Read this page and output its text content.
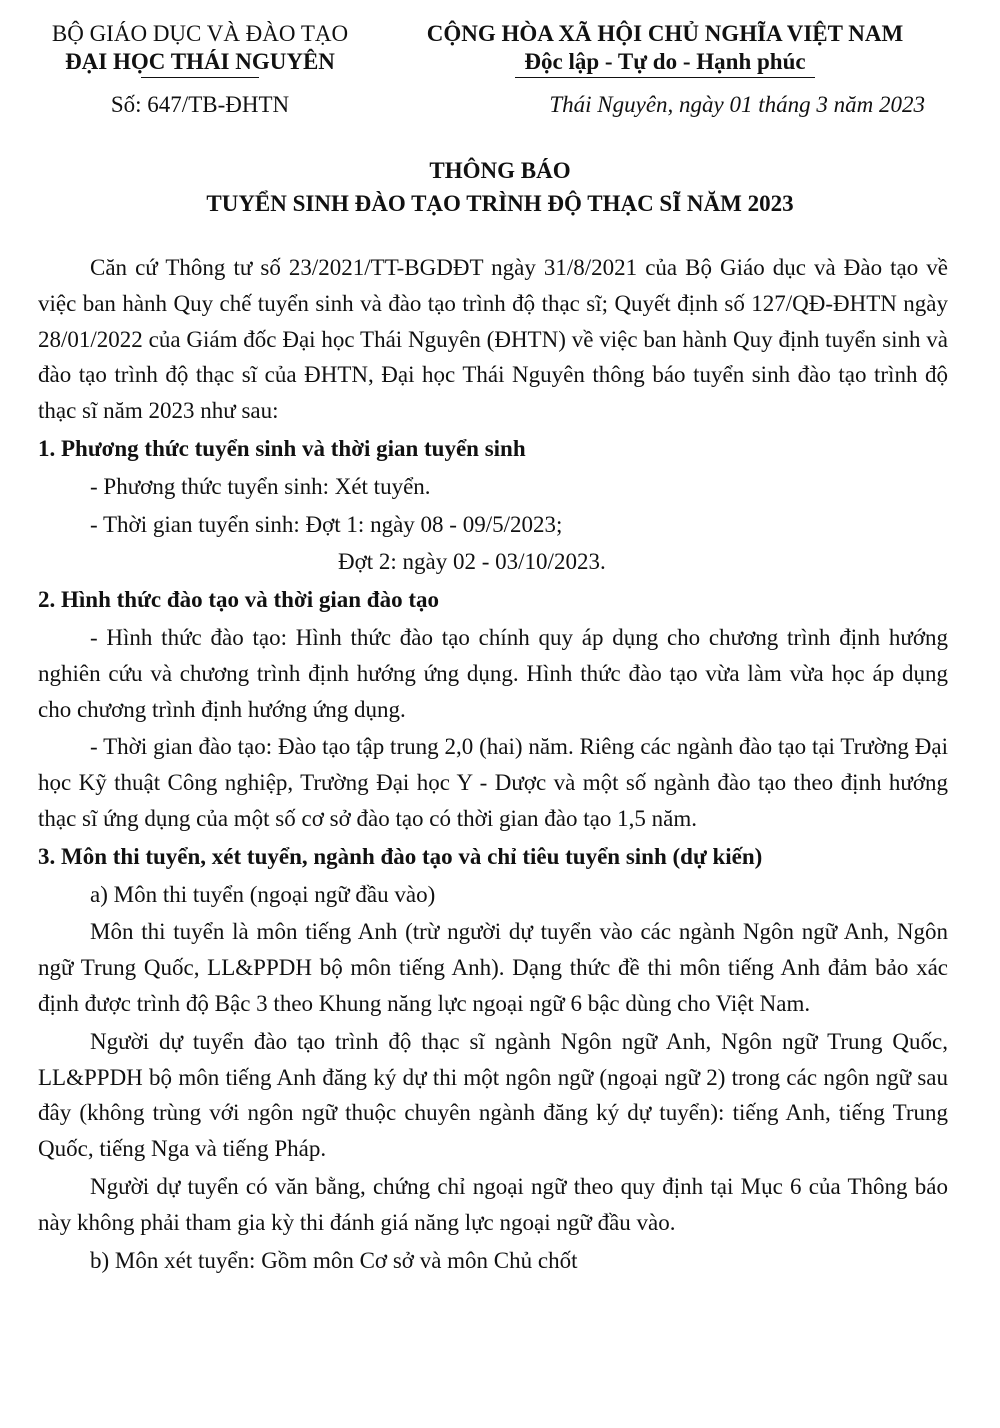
BỘ GIÁO DỤC VÀ ĐÀO TẠO
ĐẠI HỌC THÁI NGUYÊN
CỘNG HÒA XÃ HỘI CHỦ NGHĨA VIỆT NAM
Độc lập - Tự do - Hạnh phúc
Số: 647/TB-ĐHTN	Thái Nguyên, ngày 01 tháng 3 năm 2023
THÔNG BÁO
TUYỂN SINH ĐÀO TẠO TRÌNH ĐỘ THẠC SĨ NĂM 2023

Căn cứ Thông tư số 23/2021/TT-BGDĐT ngày 31/8/2021 của Bộ Giáo dục và Đào tạo về việc ban hành Quy chế tuyển sinh và đào tạo trình độ thạc sĩ; Quyết định số 127/QĐ-ĐHTN ngày 28/01/2022 của Giám đốc Đại học Thái Nguyên (ĐHTN) về việc ban hành Quy định tuyển sinh và đào tạo trình độ thạc sĩ của ĐHTN, Đại học Thái Nguyên thông báo tuyển sinh đào tạo trình độ thạc sĩ năm 2023 như sau:

1. Phương thức tuyển sinh và thời gian tuyển sinh

- Phương thức tuyển sinh: Xét tuyển.

- Thời gian tuyển sinh: Đợt 1: ngày 08 - 09/5/2023;

Đợt 2: ngày 02 - 03/10/2023.

2. Hình thức đào tạo và thời gian đào tạo

- Hình thức đào tạo: Hình thức đào tạo chính quy áp dụng cho chương trình định hướng nghiên cứu và chương trình định hướng ứng dụng. Hình thức đào tạo vừa làm vừa học áp dụng cho chương trình định hướng ứng dụng.

- Thời gian đào tạo: Đào tạo tập trung 2,0 (hai) năm. Riêng các ngành đào tạo tại Trường Đại học Kỹ thuật Công nghiệp, Trường Đại học Y - Dược và một số ngành đào tạo theo định hướng thạc sĩ ứng dụng của một số cơ sở đào tạo có thời gian đào tạo 1,5 năm.

3. Môn thi tuyển, xét tuyển, ngành đào tạo và chỉ tiêu tuyển sinh (dự kiến)

a) Môn thi tuyển (ngoại ngữ đầu vào)

Môn thi tuyển là môn tiếng Anh (trừ người dự tuyển vào các ngành Ngôn ngữ Anh, Ngôn ngữ Trung Quốc, LL&PPDH bộ môn tiếng Anh). Dạng thức đề thi môn tiếng Anh đảm bảo xác định được trình độ Bậc 3 theo Khung năng lực ngoại ngữ 6 bậc dùng cho Việt Nam.

Người dự tuyển đào tạo trình độ thạc sĩ ngành Ngôn ngữ Anh, Ngôn ngữ Trung Quốc, LL&PPDH bộ môn tiếng Anh đăng ký dự thi một ngôn ngữ (ngoại ngữ 2) trong các ngôn ngữ sau đây (không trùng với ngôn ngữ thuộc chuyên ngành đăng ký dự tuyển): tiếng Anh, tiếng Trung Quốc, tiếng Nga và tiếng Pháp.

Người dự tuyển có văn bằng, chứng chỉ ngoại ngữ theo quy định tại Mục 6 của Thông báo này không phải tham gia kỳ thi đánh giá năng lực ngoại ngữ đầu vào.

b) Môn xét tuyển: Gồm môn Cơ sở và môn Chủ chốt
